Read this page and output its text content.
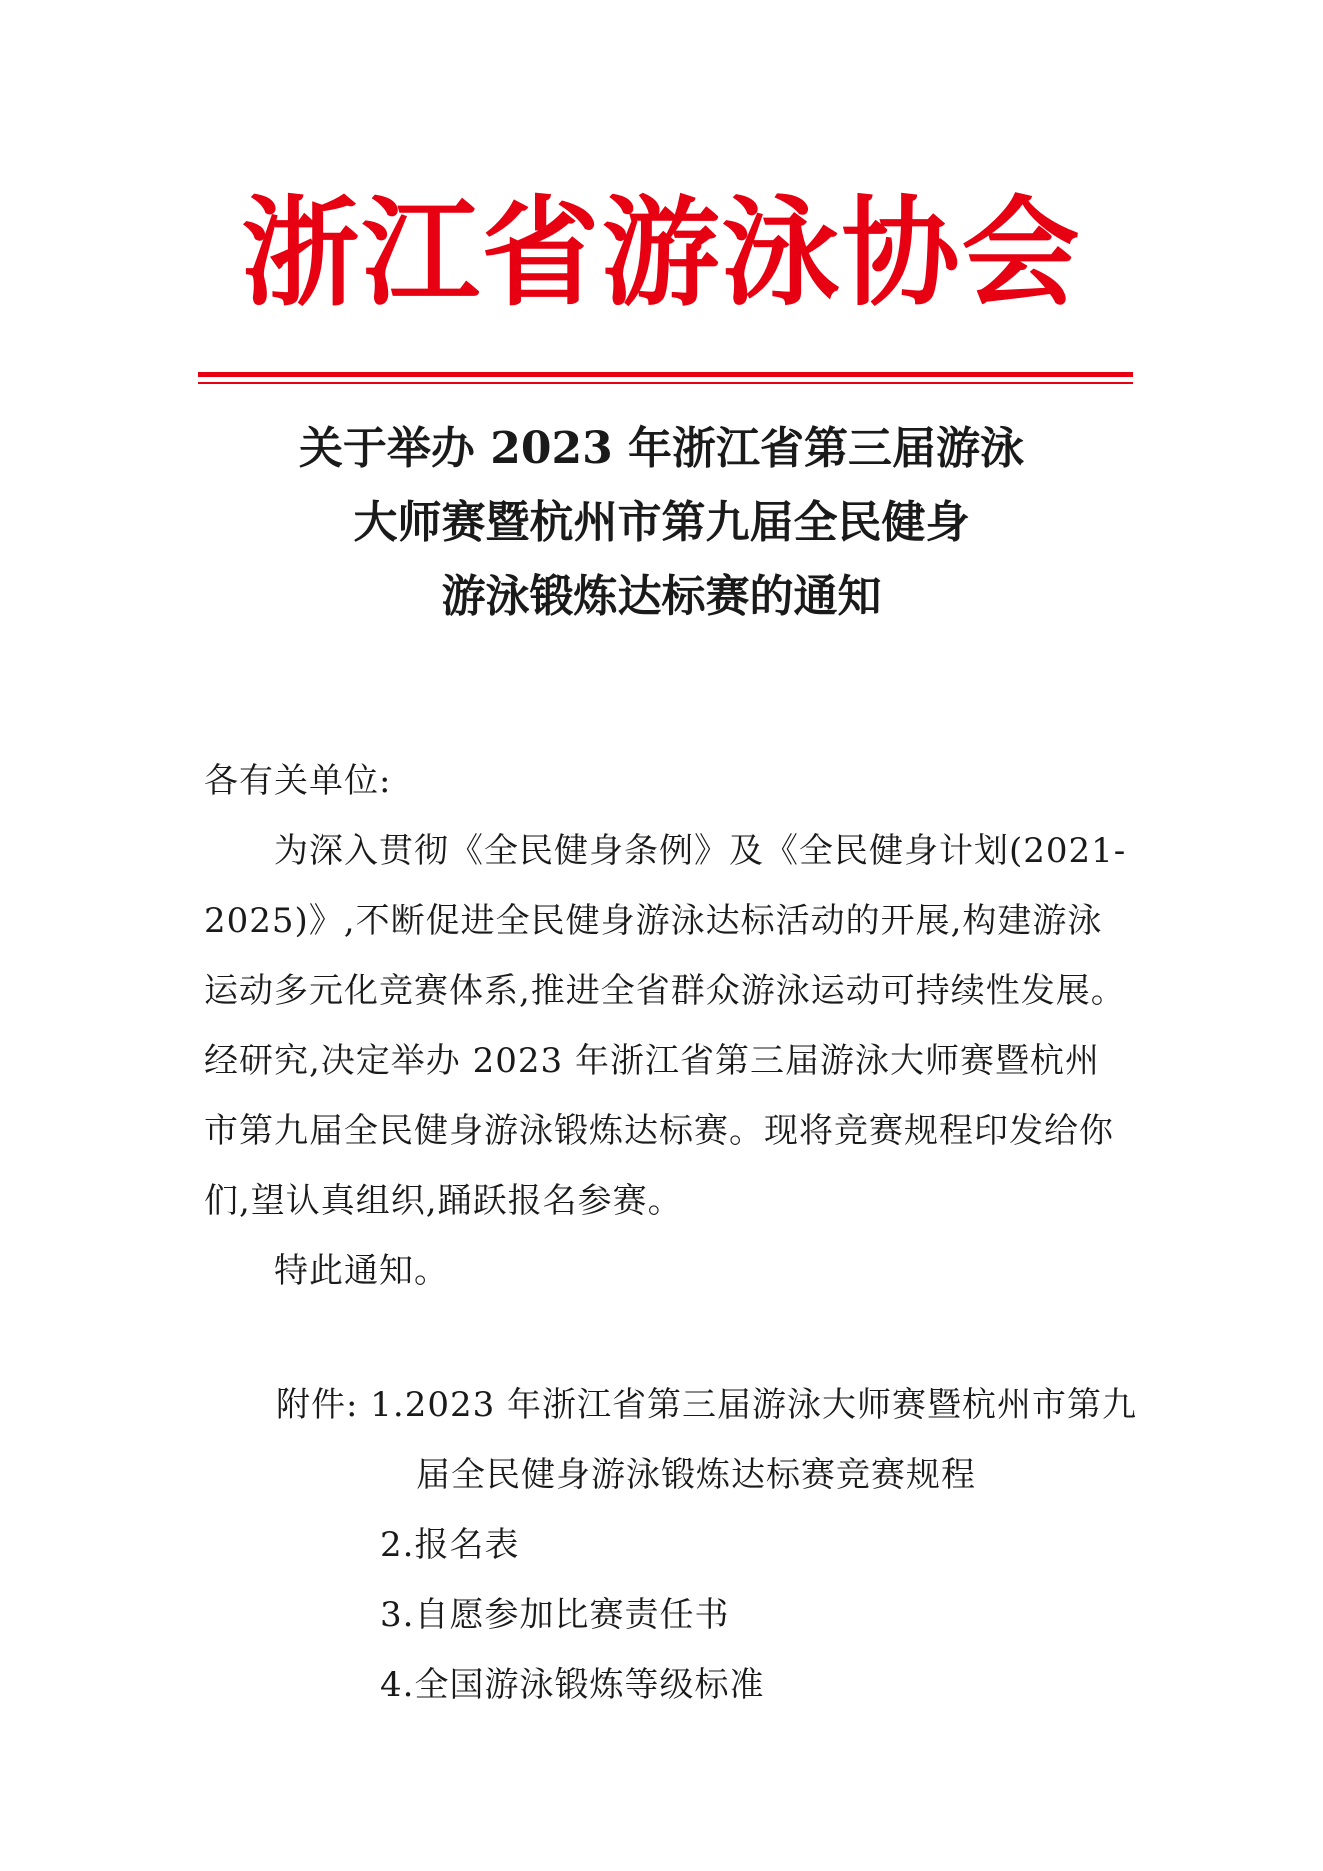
浙江省游泳协会
关于举办 2023 年浙江省第三届游泳
大师赛暨杭州市第九届全民健身
游泳锻炼达标赛的通知
各有关单位:
为深入贯彻《全民健身条例》及《全民健身计划(2021-
2025)》,不断促进全民健身游泳达标活动的开展,构建游泳
运动多元化竞赛体系,推进全省群众游泳运动可持续性发展。
经研究,决定举办 2023 年浙江省第三届游泳大师赛暨杭州
市第九届全民健身游泳锻炼达标赛。现将竞赛规程印发给你
们,望认真组织,踊跃报名参赛。
特此通知。
附件: 1.2023 年浙江省第三届游泳大师赛暨杭州市第九
届全民健身游泳锻炼达标赛竞赛规程
2.报名表
3.自愿参加比赛责任书
4.全国游泳锻炼等级标准
